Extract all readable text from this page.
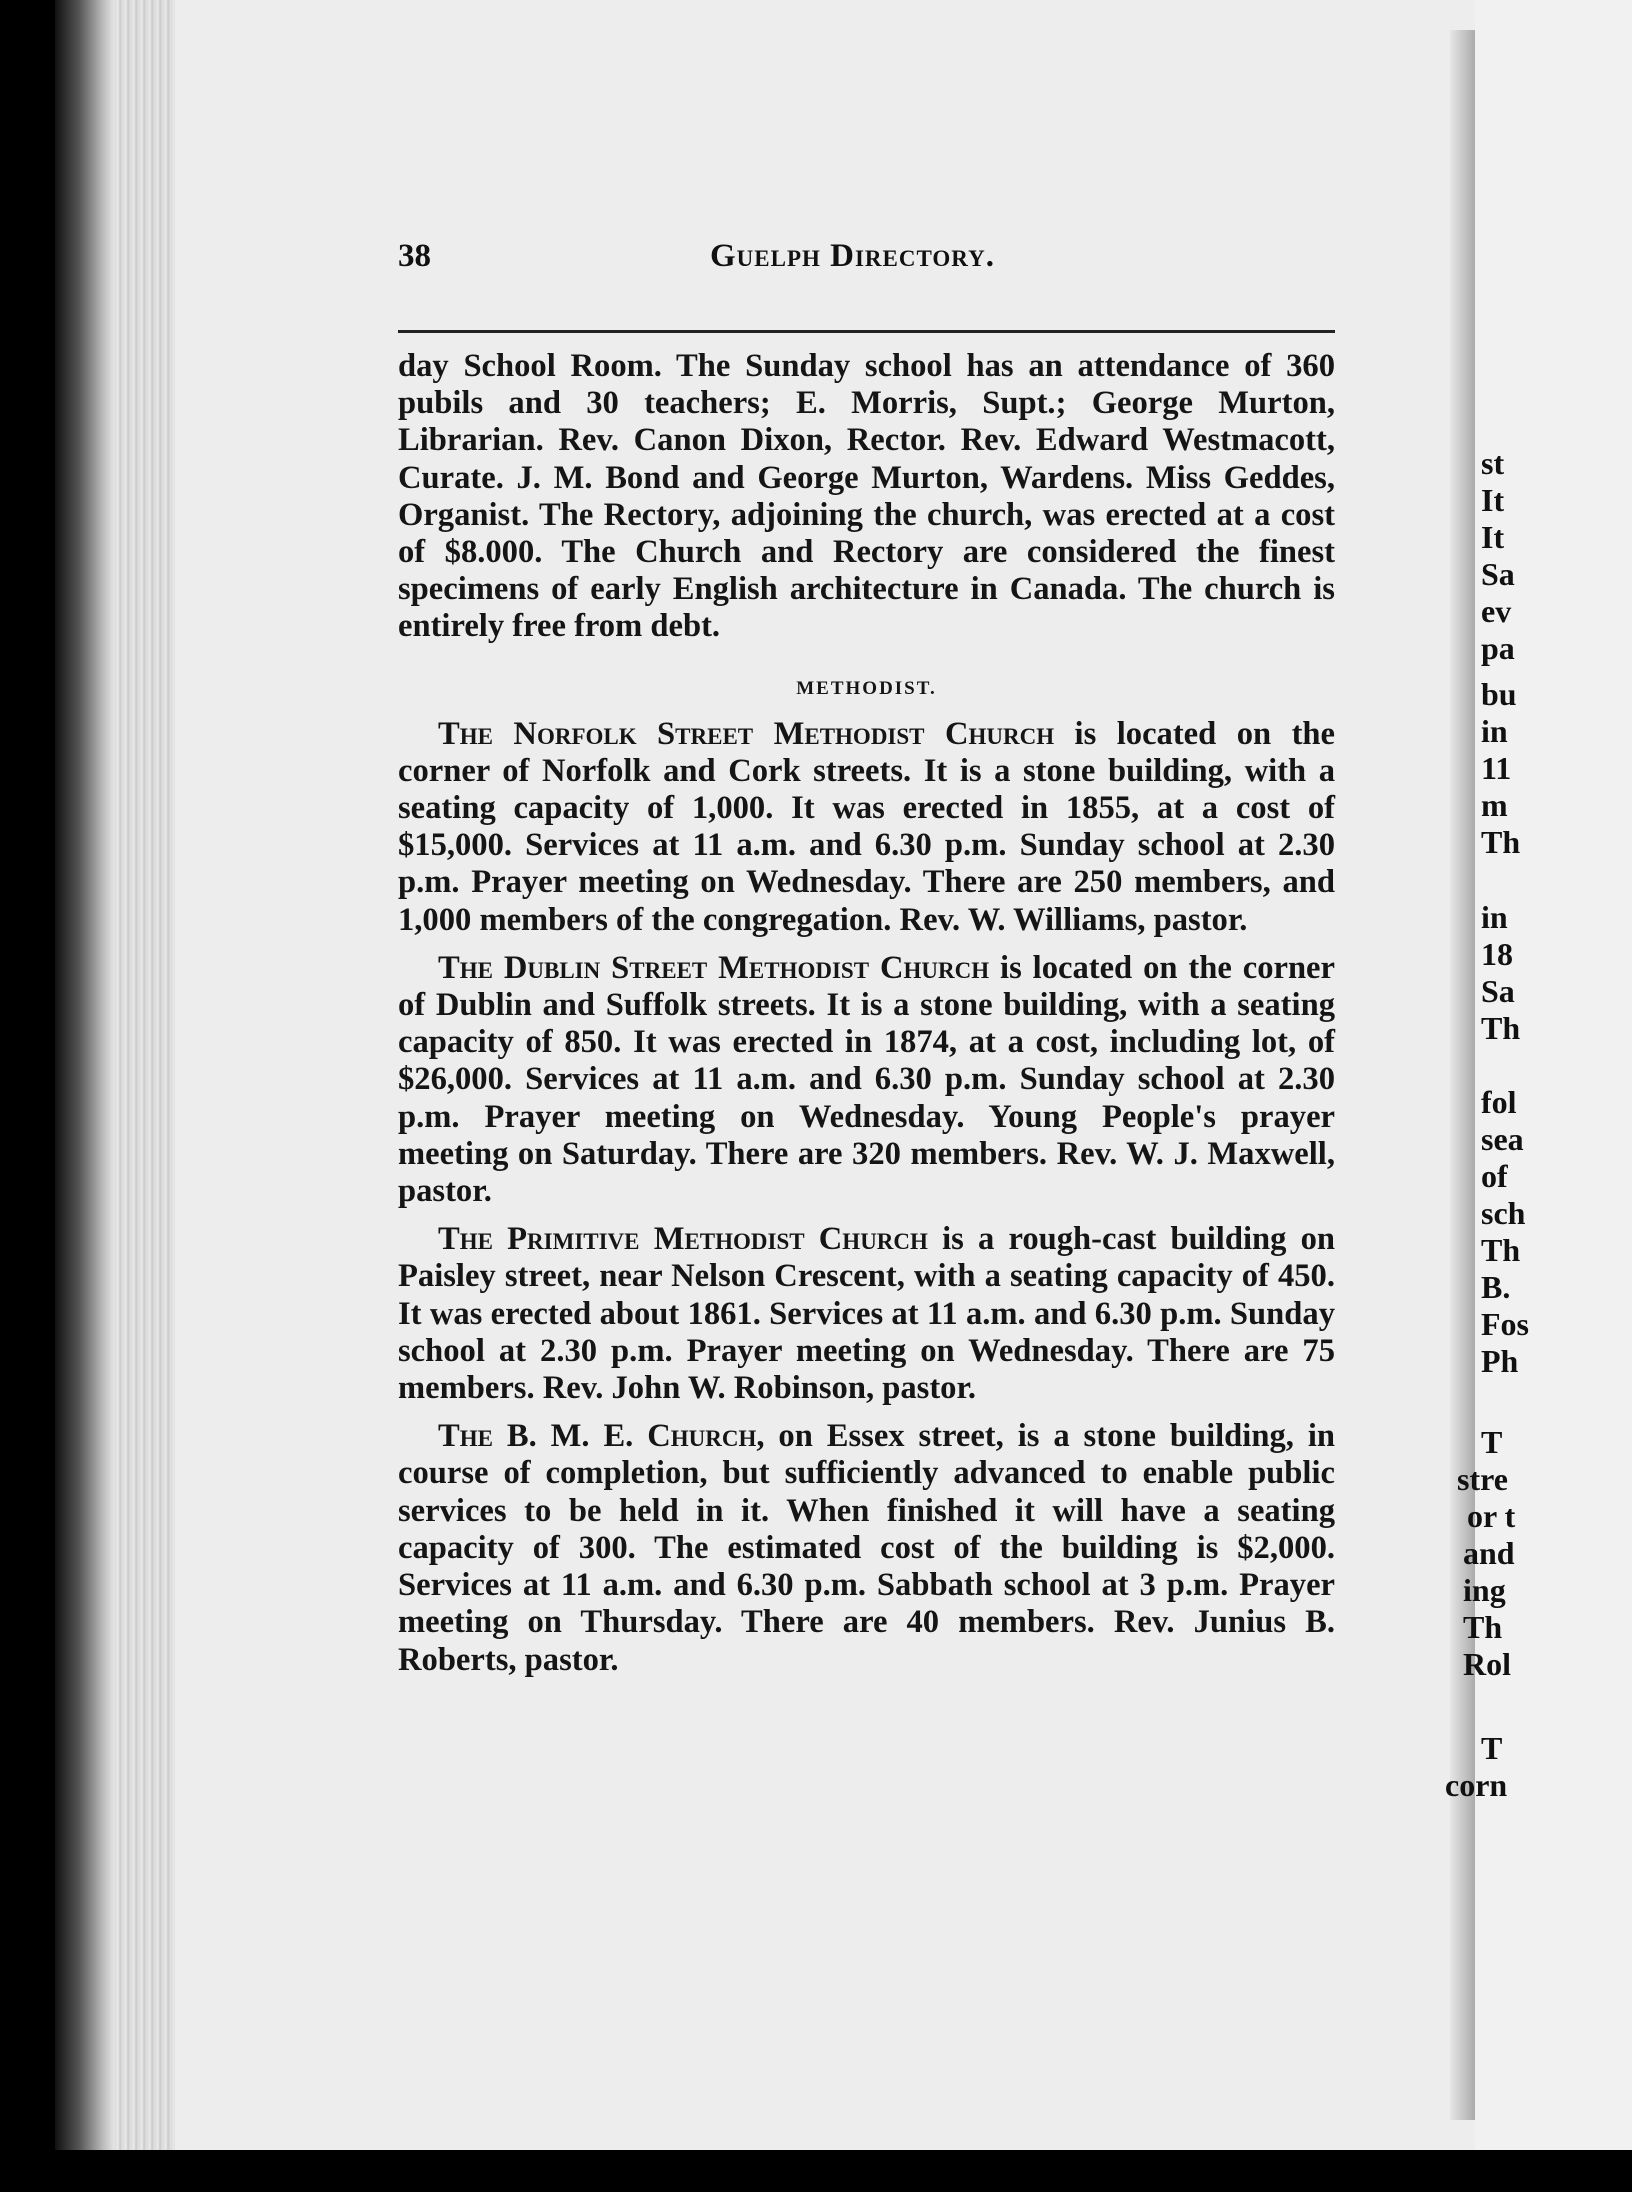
st
It
It
Sa
ev
pa
bu
in
11
m
Th
in
18
Sa
Th
fol
sea
of
sch
Th
B.
Fos
Ph
T
stre
or t
and
ing
Th
Rol
T
corn
38	Guelph Directory.

day School Room. The Sunday school has an attendance of 360 pubils and 30 teachers; E. Morris, Supt.; George Murton, Librarian. Rev. Canon Dixon, Rector. Rev. Edward Westmacott, Curate. J. M. Bond and George Murton, Wardens. Miss Geddes, Organist. The Rectory, adjoining the church, was erected at a cost of $8.000. The Church and Rectory are considered the finest specimens of early English architecture in Canada. The church is entirely free from debt.

METHODIST.

The Norfolk Street Methodist Church is located on the corner of Norfolk and Cork streets. It is a stone building, with a seating capacity of 1,000. It was erected in 1855, at a cost of $15,000. Services at 11 a.m. and 6.30 p.m. Sunday school at 2.30 p.m. Prayer meeting on Wednesday. There are 250 members, and 1,000 members of the congregation. Rev. W. Williams, pastor.

The Dublin Street Methodist Church is located on the corner of Dublin and Suffolk streets. It is a stone building, with a seating capacity of 850. It was erected in 1874, at a cost, including lot, of $26,000. Services at 11 a.m. and 6.30 p.m. Sunday school at 2.30 p.m. Prayer meeting on Wednesday. Young People's prayer meeting on Saturday. There are 320 members. Rev. W. J. Maxwell, pastor.

The Primitive Methodist Church is a rough-cast building on Paisley street, near Nelson Crescent, with a seating capacity of 450. It was erected about 1861. Services at 11 a.m. and 6.30 p.m. Sunday school at 2.30 p.m. Prayer meeting on Wednesday. There are 75 members. Rev. John W. Robinson, pastor.

The B. M. E. Church, on Essex street, is a stone building, in course of completion, but sufficiently advanced to enable public services to be held in it. When finished it will have a seating capacity of 300. The estimated cost of the building is $2,000. Services at 11 a.m. and 6.30 p.m. Sabbath school at 3 p.m. Prayer meeting on Thursday. There are 40 members. Rev. Junius B. Roberts, pastor.
